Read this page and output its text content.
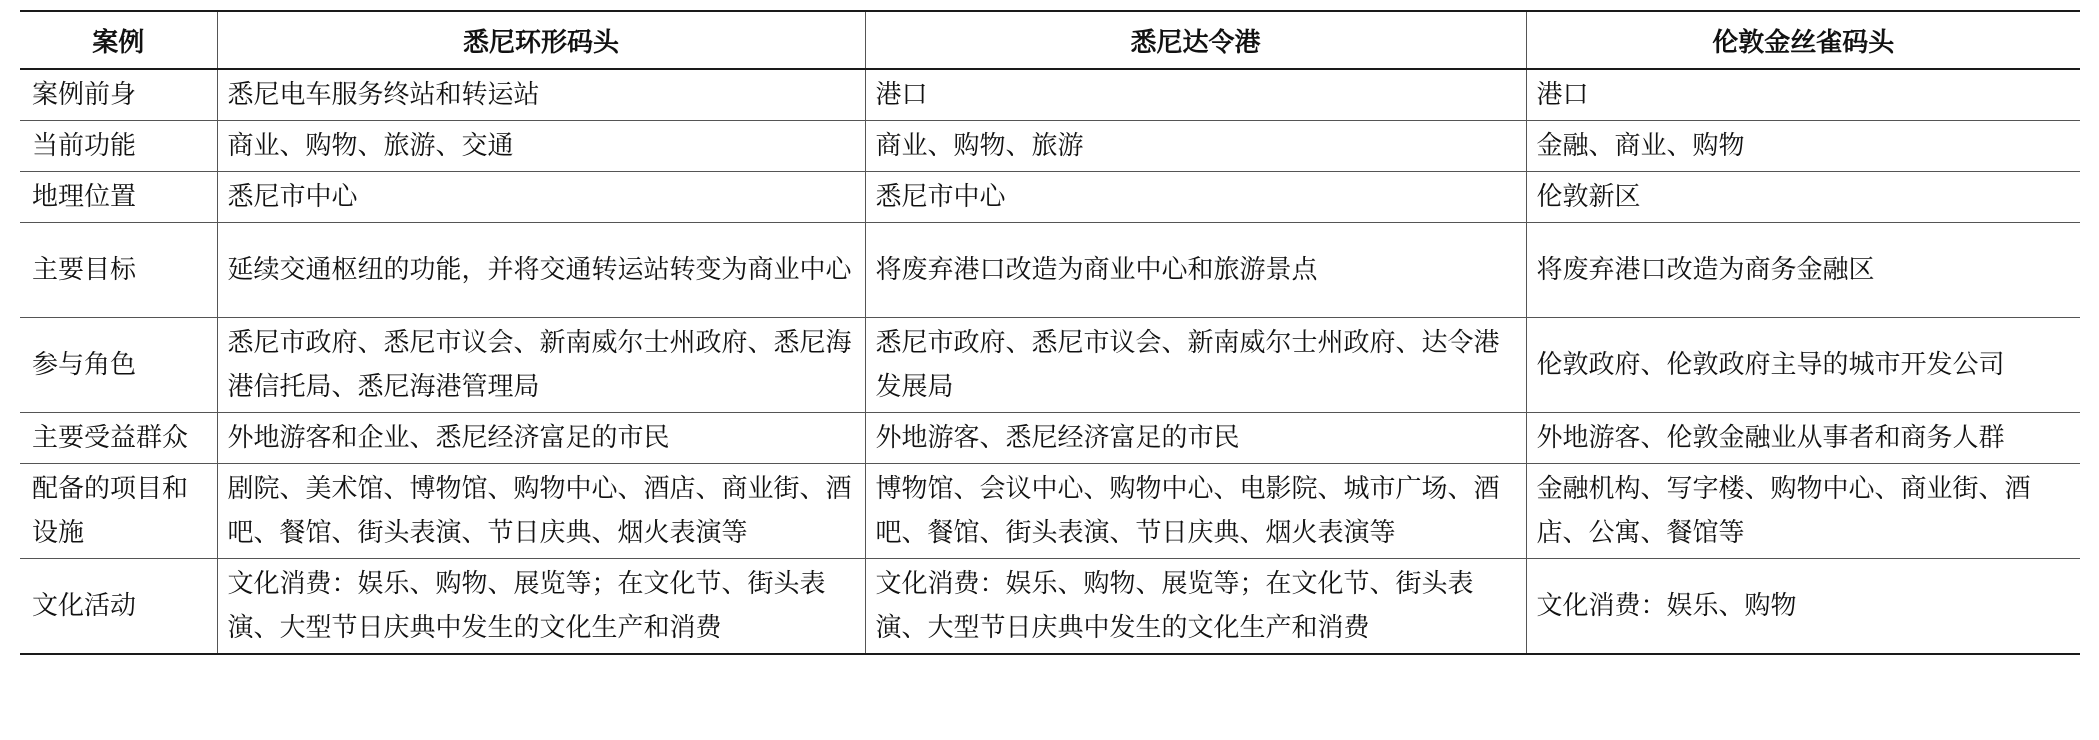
案例	悉尼环形码头	悉尼达令港	伦敦金丝雀码头
案例前身	悉尼电车服务终站和转运站	港口	港口
当前功能	商业、购物、旅游、交通	商业、购物、旅游	金融、商业、购物
地理位置	悉尼市中心	悉尼市中心	伦敦新区
主要目标	延续交通枢纽的功能，并将交通转运站转变为商业中心	将废弃港口改造为商业中心和旅游景点	将废弃港口改造为商务金融区
参与角色	悉尼市政府、悉尼市议会、新南威尔士州政府、悉尼海港信托局、悉尼海港管理局	悉尼市政府、悉尼市议会、新南威尔士州政府、达令港发展局	伦敦政府、伦敦政府主导的城市开发公司
主要受益群众	外地游客和企业、悉尼经济富足的市民	外地游客、悉尼经济富足的市民	外地游客、伦敦金融业从事者和商务人群
配备的项目和设施	剧院、美术馆、博物馆、购物中心、酒店、商业街、酒吧、餐馆、街头表演、节日庆典、烟火表演等	博物馆、会议中心、购物中心、电影院、城市广场、酒吧、餐馆、街头表演、节日庆典、烟火表演等	金融机构、写字楼、购物中心、商业街、酒店、公寓、餐馆等
文化活动	文化消费：娱乐、购物、展览等；在文化节、街头表演、大型节日庆典中发生的文化生产和消费	文化消费：娱乐、购物、展览等；在文化节、街头表演、大型节日庆典中发生的文化生产和消费	文化消费：娱乐、购物
